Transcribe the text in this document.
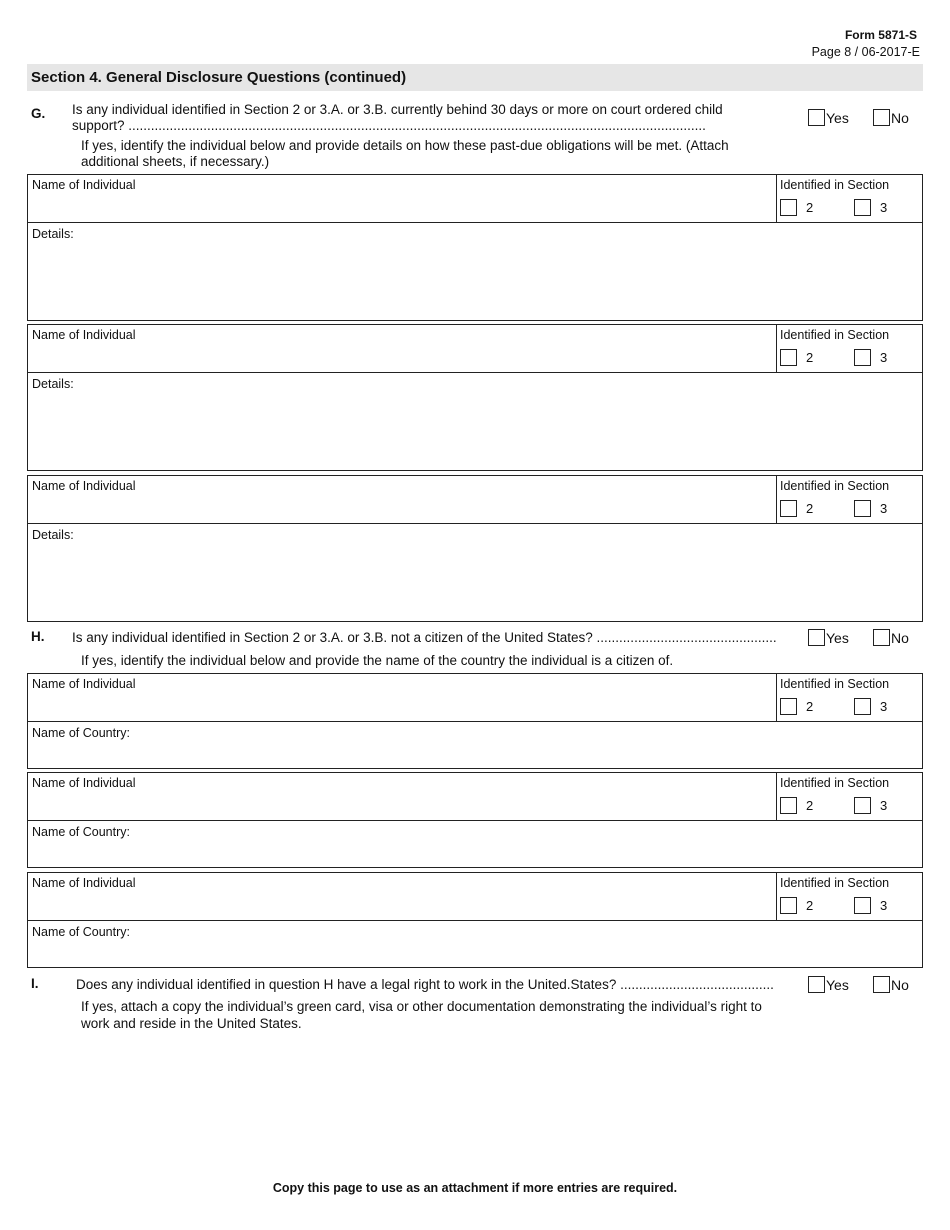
Form 5871-S
Page 8 / 06-2017-E
Section 4. General Disclosure Questions (continued)
G. Is any individual identified in Section 2 or 3.A. or 3.B. currently behind 30 days or more on court ordered child
support? ..........................................................................................................................................................	Yes	No
If yes, identify the individual below and provide details on how these past-due obligations will be met. (Attach
additional sheets, if necessary.)
Name of Individual	Identified in Section
2	3
Details:
Name of Individual	Identified in Section
2	3
Details:
Name of Individual	Identified in Section
2	3
Details:
H. Is any individual identified in Section 2 or 3.A. or 3.B. not a citizen of the United States? ................................................	Yes	No
If yes, identify the individual below and provide the name of the country the individual is a citizen of.
Name of Individual	Identified in Section
2	3
Name of Country:
Name of Individual	Identified in Section
2	3
Name of Country:
Name of Individual	Identified in Section
2	3
Name of Country:
I.	Does any individual identified in question H have a legal right to work in the United.States? .........................................	Yes	No
If yes, attach a copy the individual’s green card, visa or other documentation demonstrating the individual’s right to
work and reside in the United States.
Copy this page to use as an attachment if more entries are required.
